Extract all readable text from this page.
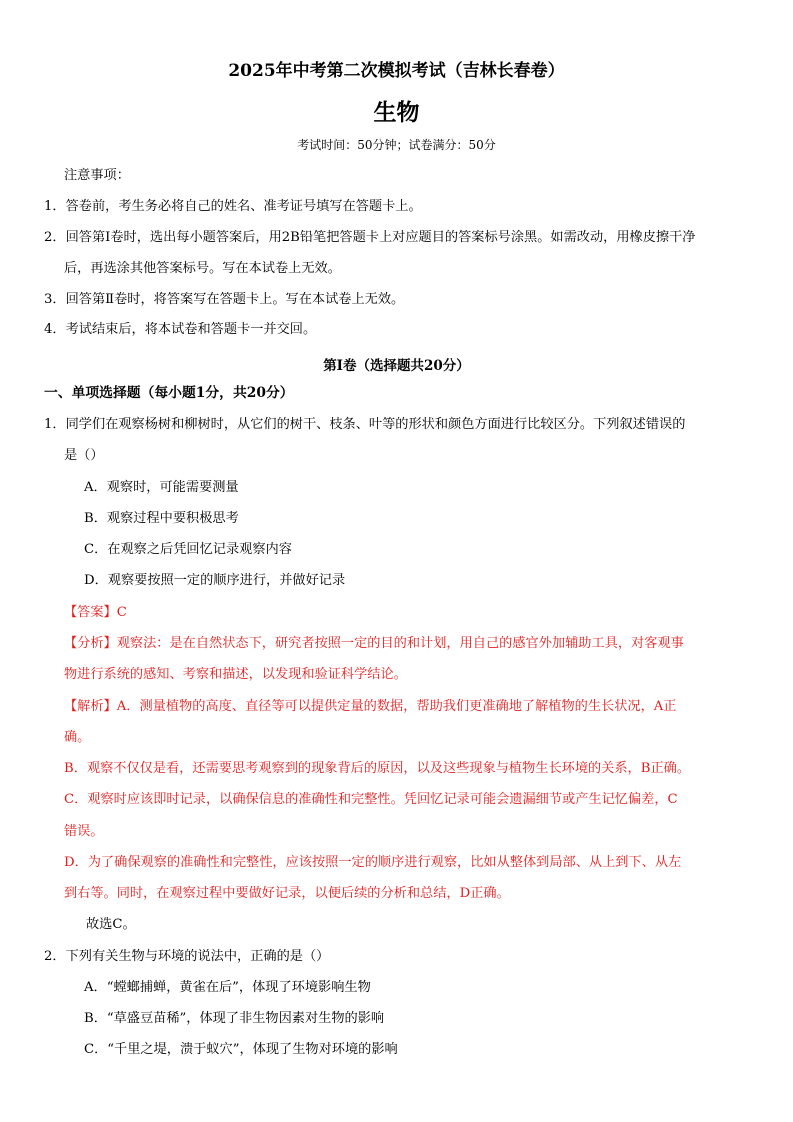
2025年中考第二次模拟考试（吉林长春卷）
生物
考试时间：50分钟；试卷满分：50分
注意事项：
1．答卷前，考生务必将自己的姓名、准考证号填写在答题卡上。
2．回答第Ⅰ卷时，选出每小题答案后，用2B铅笔把答题卡上对应题目的答案标号涂黑。如需改动，用橡皮擦干净
后，再选涂其他答案标号。写在本试卷上无效。
3．回答第Ⅱ卷时，将答案写在答题卡上。写在本试卷上无效。
4．考试结束后，将本试卷和答题卡一并交回。
第Ⅰ卷（选择题共20分）
一、单项选择题（每小题1分，共20分）
1．同学们在观察杨树和柳树时，从它们的树干、枝条、叶等的形状和颜色方面进行比较区分。下列叙述错误的
是（）
A．观察时，可能需要测量
B．观察过程中要积极思考
C．在观察之后凭回忆记录观察内容
D．观察要按照一定的顺序进行，并做好记录
【答案】C
【分析】观察法：是在自然状态下，研究者按照一定的目的和计划，用自己的感官外加辅助工具，对客观事
物进行系统的感知、考察和描述，以发现和验证科学结论。
【解析】A．测量植物的高度、直径等可以提供定量的数据，帮助我们更准确地了解植物的生长状况，A正
确。
B．观察不仅仅是看，还需要思考观察到的现象背后的原因，以及这些现象与植物生长环境的关系，B正确。
C．观察时应该即时记录，以确保信息的准确性和完整性。凭回忆记录可能会遗漏细节或产生记忆偏差，C
错误。
D．为了确保观察的准确性和完整性，应该按照一定的顺序进行观察，比如从整体到局部、从上到下、从左
到右等。同时，在观察过程中要做好记录，以便后续的分析和总结，D正确。
故选C。
2．下列有关生物与环境的说法中，正确的是（）
A．“螳螂捕蝉，黄雀在后”，体现了环境影响生物
B．“草盛豆苗稀”，体现了非生物因素对生物的影响
C．“千里之堤，溃于蚁穴”，体现了生物对环境的影响
